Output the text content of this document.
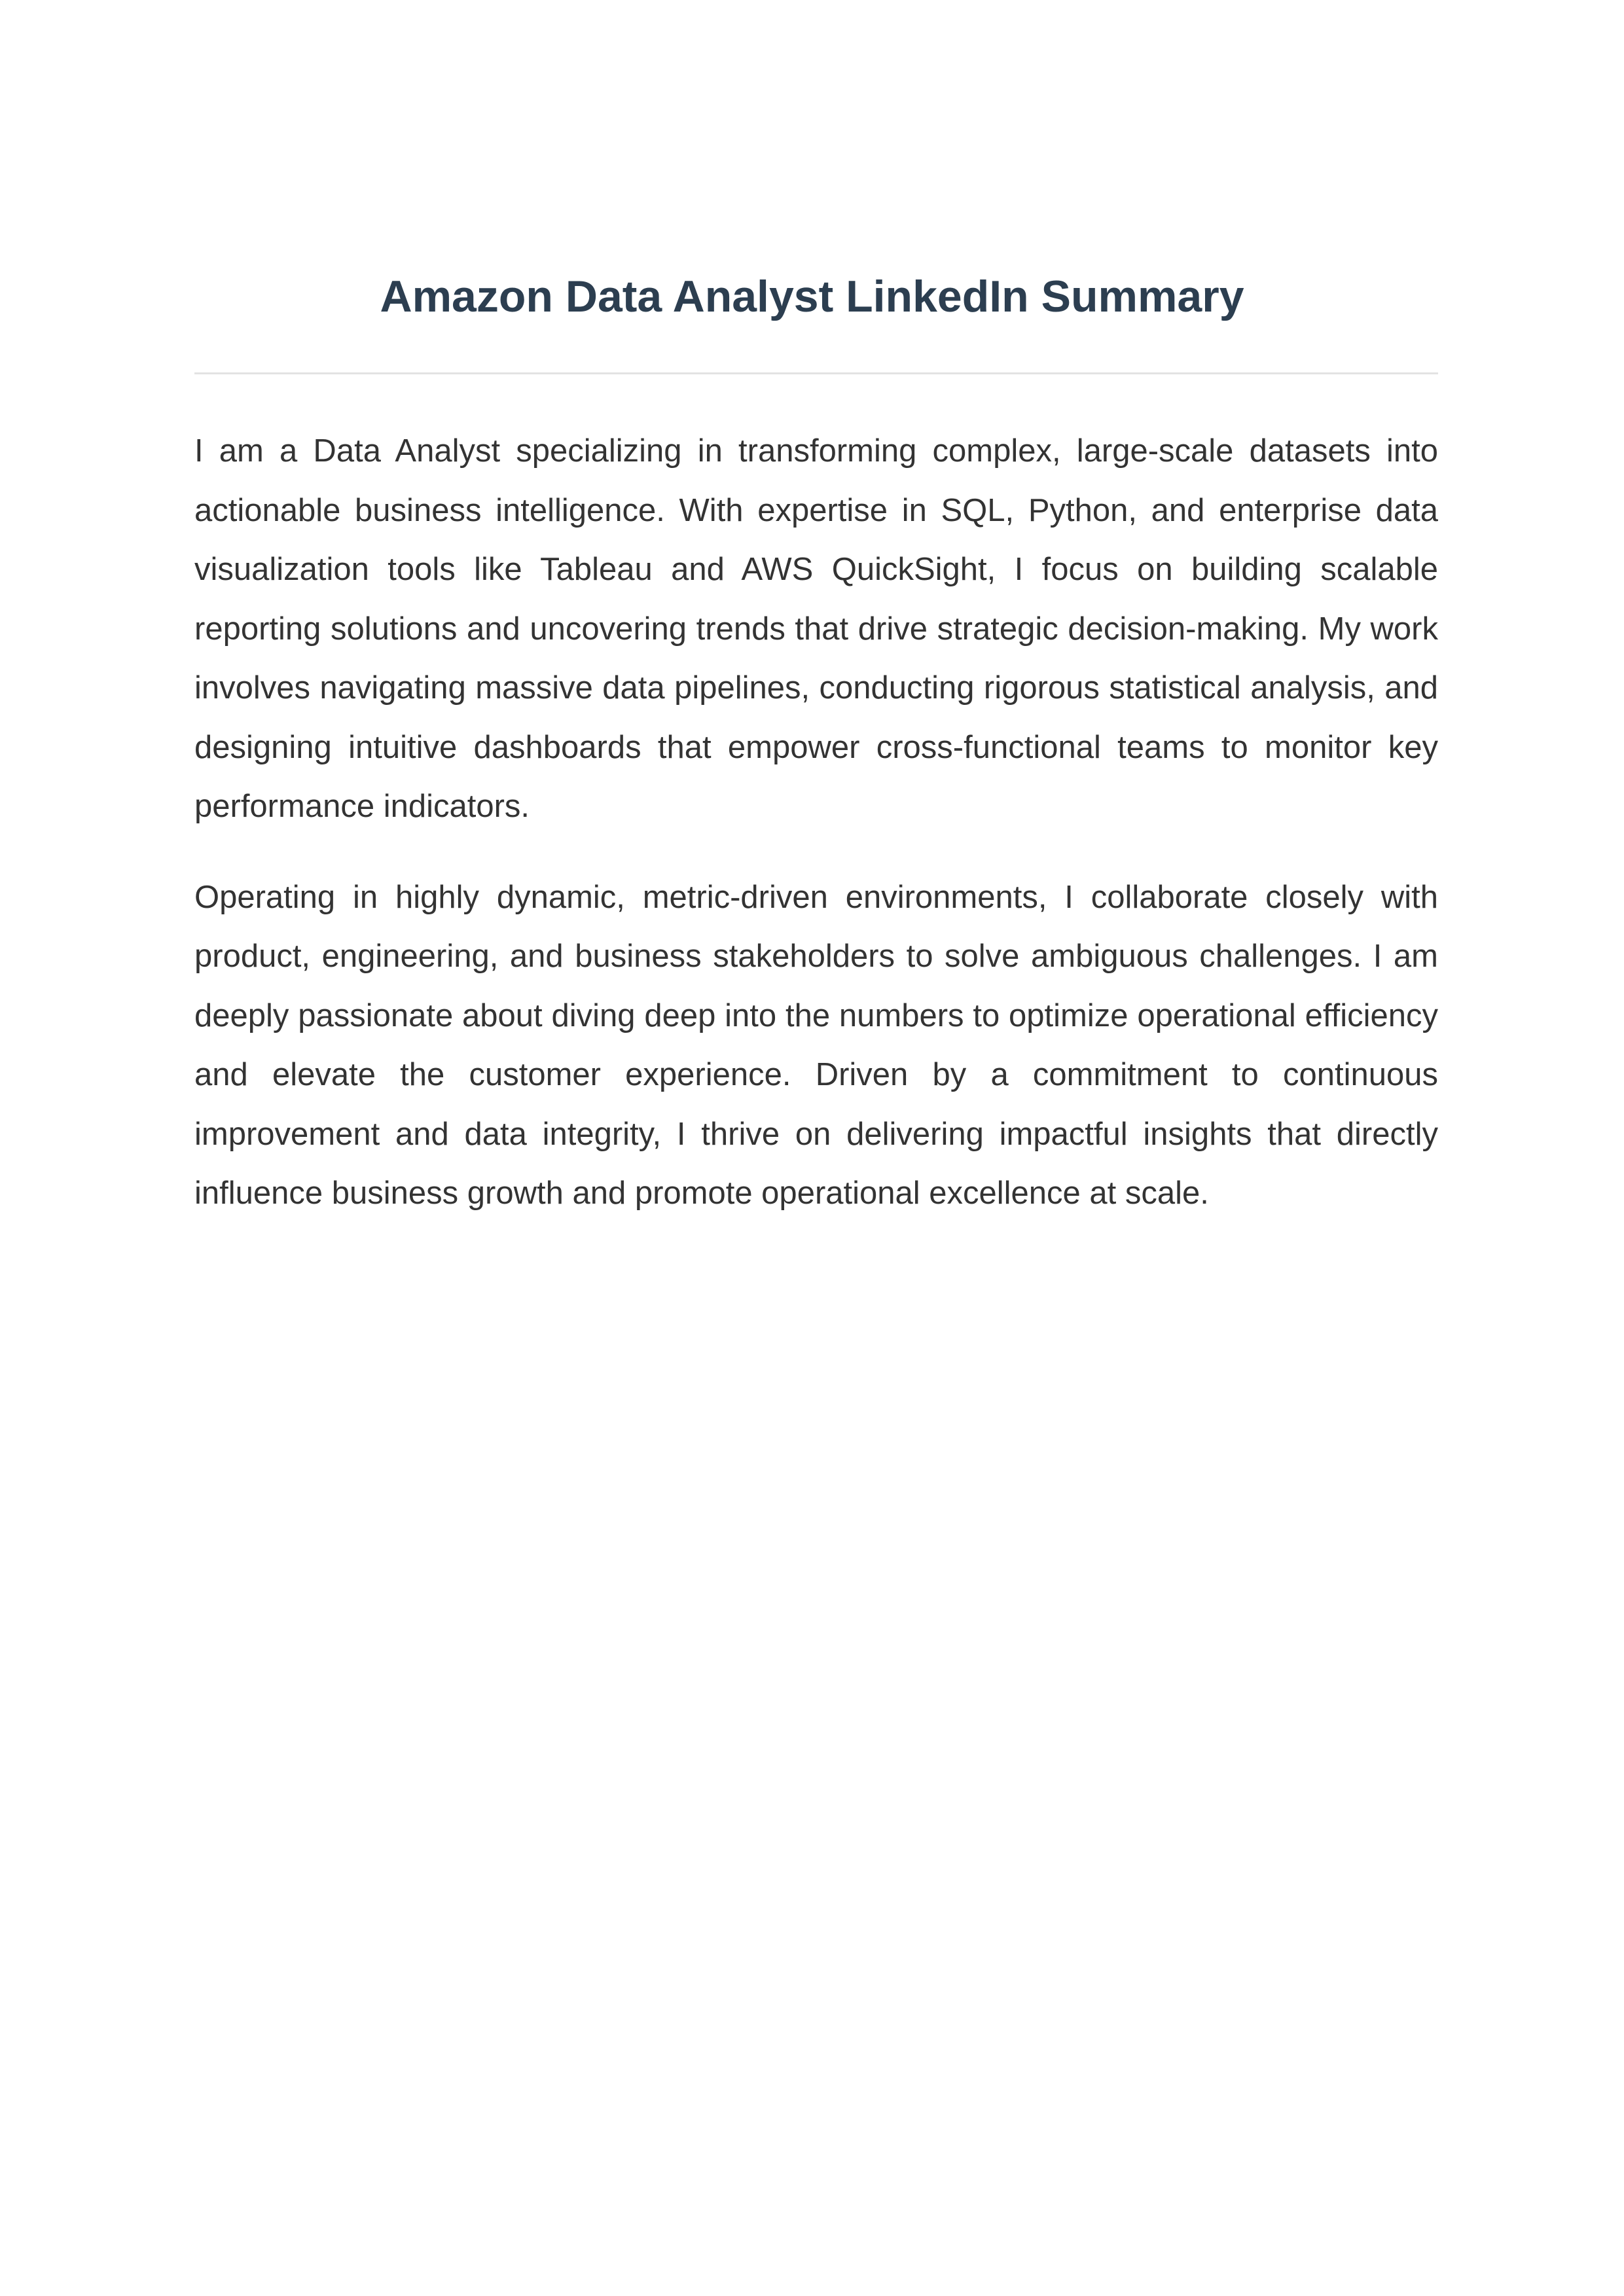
Amazon Data Analyst LinkedIn Summary

I am a Data Analyst specializing in transforming complex, large-scale datasets into actionable business intelligence. With expertise in SQL, Python, and enterprise data visualization tools like Tableau and AWS QuickSight, I focus on building scalable reporting solutions and uncovering trends that drive strategic decision-making. My work involves navigating massive data pipelines, conducting rigorous statistical analysis, and designing intuitive dashboards that empower cross-functional teams to monitor key performance indicators.

Operating in highly dynamic, metric-driven environments, I collaborate closely with product, engineering, and business stakeholders to solve ambiguous challenges. I am deeply passionate about diving deep into the numbers to optimize operational efficiency and elevate the customer experience. Driven by a commitment to continuous improvement and data integrity, I thrive on delivering impactful insights that directly influence business growth and promote operational excellence at scale.
